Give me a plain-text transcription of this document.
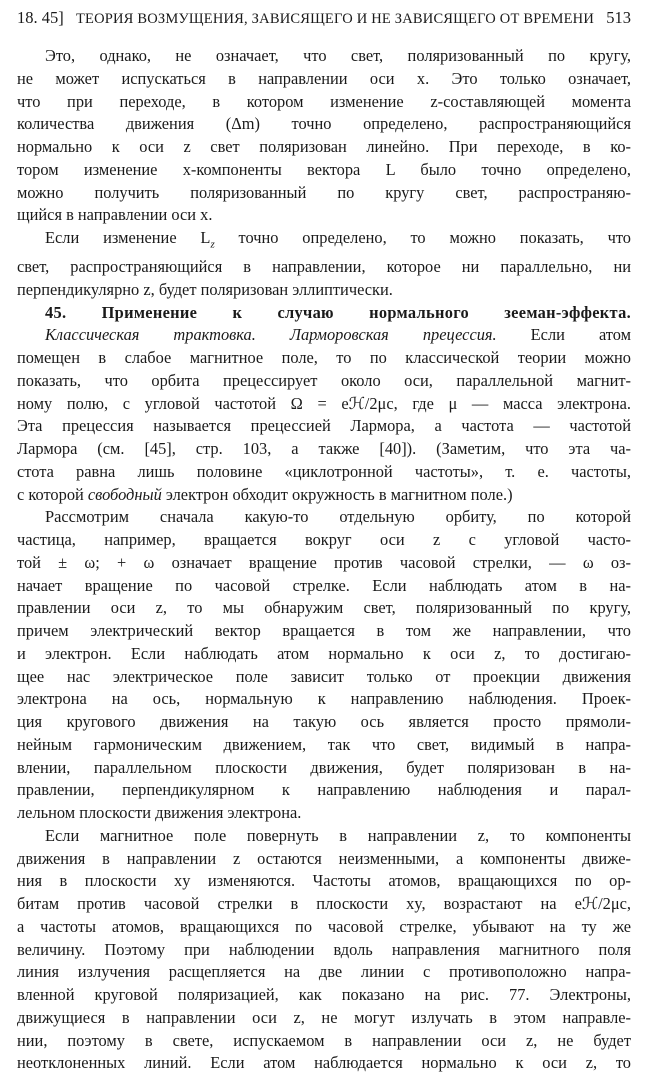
18. 45] ТЕОРИЯ ВОЗМУЩЕНИЯ, ЗАВИСЯЩЕГО И НЕ ЗАВИСЯЩЕГО ОТ ВРЕМЕНИ 513

Это, однако, не означает, что свет, поляризованный по кругу,

не может испускаться в направлении оси x. Это только означает,

что при переходе, в котором изменение z-составляющей момента

количества движения (Δm) точно определено, распространяющийся

нормально к оси z свет поляризован линейно. При переходе, в ко-

тором изменение x-компоненты вектора L было точно определено,

можно получить поляризованный по кругу свет, распространяю-

щийся в направлении оси x.

Если изменение $L_z$ точно определено, то можно показать, что

свет, распространяющийся в направлении, которое ни параллельно, ни

перпендикулярно z, будет поляризован эллиптически.

45. Применение к случаю нормального зееман-эффекта.

Классическая трактовка. Ларморовская прецессия. Если атом

помещен в слабое магнитное поле, то по классической теории можно

показать, что орбита прецессирует около оси, параллельной магнит-

ному полю, с угловой частотой Ω = eℋ/2μc, где μ — масса электрона.

Эта прецессия называется прецессией Лармора, а частота — частотой

Лармора (см. [45], стр. 103, а также [40]). (Заметим, что эта ча-

стота равна лишь половине «циклотронной частоты», т. е. частоты,

с которой свободный электрон обходит окружность в магнитном поле.)

Рассмотрим сначала какую-то отдельную орбиту, по которой

частица, например, вращается вокруг оси z с угловой часто-

той ± ω; + ω означает вращение против часовой стрелки, — ω оз-

начает вращение по часовой стрелке. Если наблюдать атом в на-

правлении оси z, то мы обнаружим свет, поляризованный по кругу,

причем электрический вектор вращается в том же направлении, что

и электрон. Если наблюдать атом нормально к оси z, то достигаю-

щее нас электрическое поле зависит только от проекции движения

электрона на ось, нормальную к направлению наблюдения. Проек-

ция кругового движения на такую ось является просто прямоли-

нейным гармоническим движением, так что свет, видимый в напра-

влении, параллельном плоскости движения, будет поляризован в на-

правлении, перпендикулярном к направлению наблюдения и парал-

лельном плоскости движения электрона.

Если магнитное поле повернуть в направлении z, то компоненты

движения в направлении z остаются неизменными, а компоненты движе-

ния в плоскости xy изменяются. Частоты атомов, вращающихся по ор-

битам против часовой стрелки в плоскости xy, возрастают на eℋ/2μc,

а частоты атомов, вращающихся по часовой стрелке, убывают на ту же

величину. Поэтому при наблюдении вдоль направления магнитного поля

линия излучения расщепляется на две линии с противоположно напра-

вленной круговой поляризацией, как показано на рис. 77. Электроны,

движущиеся в направлении оси z, не могут излучать в этом направле-

нии, поэтому в свете, испускаемом в направлении оси z, не будет

неотклоненных линий. Если атом наблюдается нормально к оси z, то
